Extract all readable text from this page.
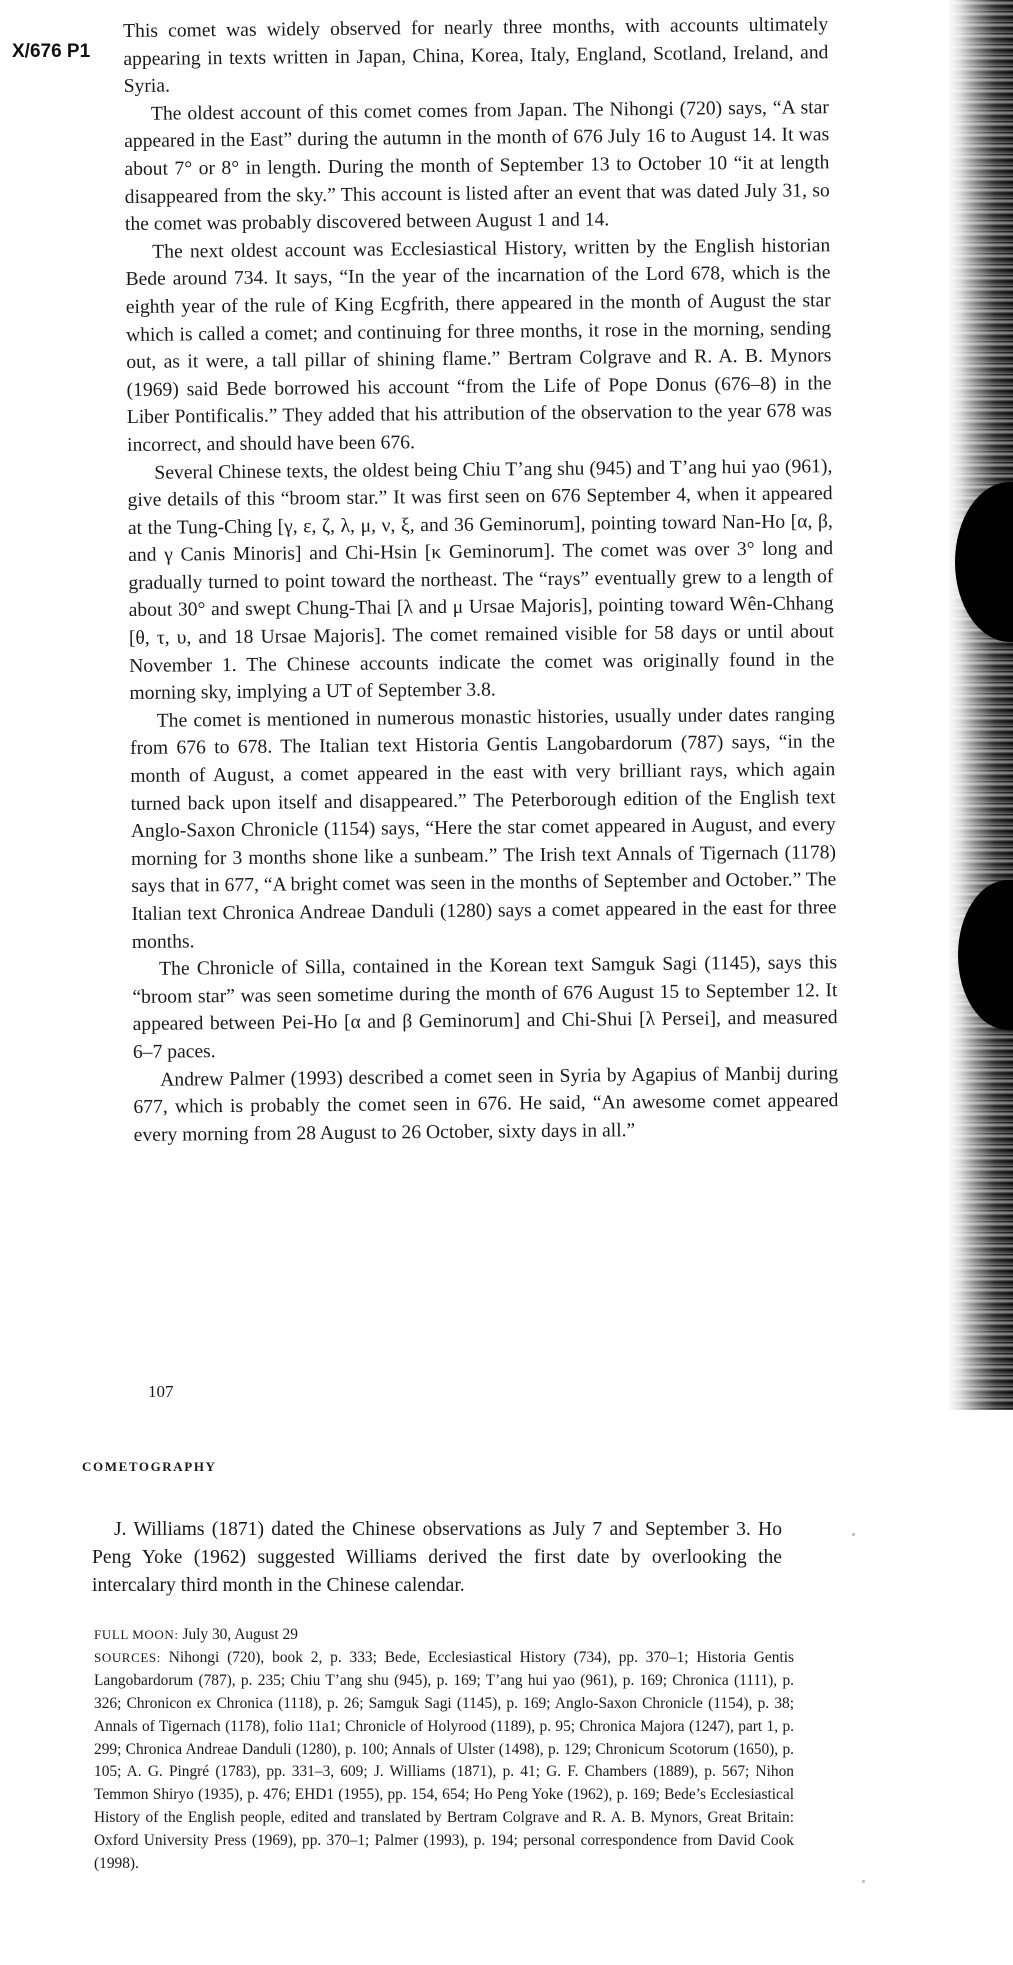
X/676 P1

This comet was widely observed for nearly three months, with accounts ultimately appearing in texts written in Japan, China, Korea, Italy, England, Scotland, Ireland, and Syria.

The oldest account of this comet comes from Japan. The Nihongi (720) says, “A star appeared in the East” during the autumn in the month of 676 July 16 to August 14. It was about 7° or 8° in length. During the month of September 13 to October 10 “it at length disappeared from the sky.” This account is listed after an event that was dated July 31, so the comet was probably discovered between August 1 and 14.

The next oldest account was Ecclesiastical History, written by the English historian Bede around 734. It says, “In the year of the incarnation of the Lord 678, which is the eighth year of the rule of King Ecgfrith, there appeared in the month of August the star which is called a comet; and continuing for three months, it rose in the morning, sending out, as it were, a tall pillar of shining flame.” Bertram Colgrave and R. A. B. Mynors (1969) said Bede borrowed his account “from the Life of Pope Donus (676–8) in the Liber Pontificalis.” They added that his attribution of the observation to the year 678 was incorrect, and should have been 676.

Several Chinese texts, the oldest being Chiu T’ang shu (945) and T’ang hui yao (961), give details of this “broom star.” It was first seen on 676 September 4, when it appeared at the Tung-Ching [γ, ε, ζ, λ, μ, ν, ξ, and 36 Geminorum], pointing toward Nan-Ho [α, β, and γ Canis Minoris] and Chi-Hsin [κ Geminorum]. The comet was over 3° long and gradually turned to point toward the northeast. The “rays” eventually grew to a length of about 30° and swept Chung-Thai [λ and μ Ursae Majoris], pointing toward Wên-Chhang [θ, τ, υ, and 18 Ursae Majoris]. The comet remained visible for 58 days or until about November 1. The Chinese accounts indicate the comet was originally found in the morning sky, implying a UT of September 3.8.

The comet is mentioned in numerous monastic histories, usually under dates ranging from 676 to 678. The Italian text Historia Gentis Langobardorum (787) says, “in the month of August, a comet appeared in the east with very brilliant rays, which again turned back upon itself and disappeared.” The Peterborough edition of the English text Anglo-Saxon Chronicle (1154) says, “Here the star comet appeared in August, and every morning for 3 months shone like a sunbeam.” The Irish text Annals of Tigernach (1178) says that in 677, “A bright comet was seen in the months of September and October.” The Italian text Chronica Andreae Danduli (1280) says a comet appeared in the east for three months.

The Chronicle of Silla, contained in the Korean text Samguk Sagi (1145), says this “broom star” was seen sometime during the month of 676 August 15 to September 12. It appeared between Pei-Ho [α and β Geminorum] and Chi-Shui [λ Persei], and measured 6–7 paces.

Andrew Palmer (1993) described a comet seen in Syria by Agapius of Manbij during 677, which is probably the comet seen in 676. He said, “An awesome comet appeared every morning from 28 August to 26 October, sixty days in all.”

107
COMETOGRAPHY

J. Williams (1871) dated the Chinese observations as July 7 and September 3. Ho Peng Yoke (1962) suggested Williams derived the first date by overlooking the intercalary third month in the Chinese calendar.

FULL MOON: July 30, August 29

SOURCES: Nihongi (720), book 2, p. 333; Bede, Ecclesiastical History (734), pp. 370–1; Historia Gentis Langobardorum (787), p. 235; Chiu T’ang shu (945), p. 169; T’ang hui yao (961), p. 169; Chronica (1111), p. 326; Chronicon ex Chronica (1118), p. 26; Samguk Sagi (1145), p. 169; Anglo-Saxon Chronicle (1154), p. 38; Annals of Tigernach (1178), folio 11a1; Chronicle of Holyrood (1189), p. 95; Chronica Majora (1247), part 1, p. 299; Chronica Andreae Danduli (1280), p. 100; Annals of Ulster (1498), p. 129; Chronicum Scotorum (1650), p. 105; A. G. Pingré (1783), pp. 331–3, 609; J. Williams (1871), p. 41; G. F. Chambers (1889), p. 567; Nihon Temmon Shiryo (1935), p. 476; EHD1 (1955), pp. 154, 654; Ho Peng Yoke (1962), p. 169; Bede’s Ecclesiastical History of the English people, edited and translated by Bertram Colgrave and R. A. B. Mynors, Great Britain: Oxford University Press (1969), pp. 370–1; Palmer (1993), p. 194; personal correspondence from David Cook (1998).
